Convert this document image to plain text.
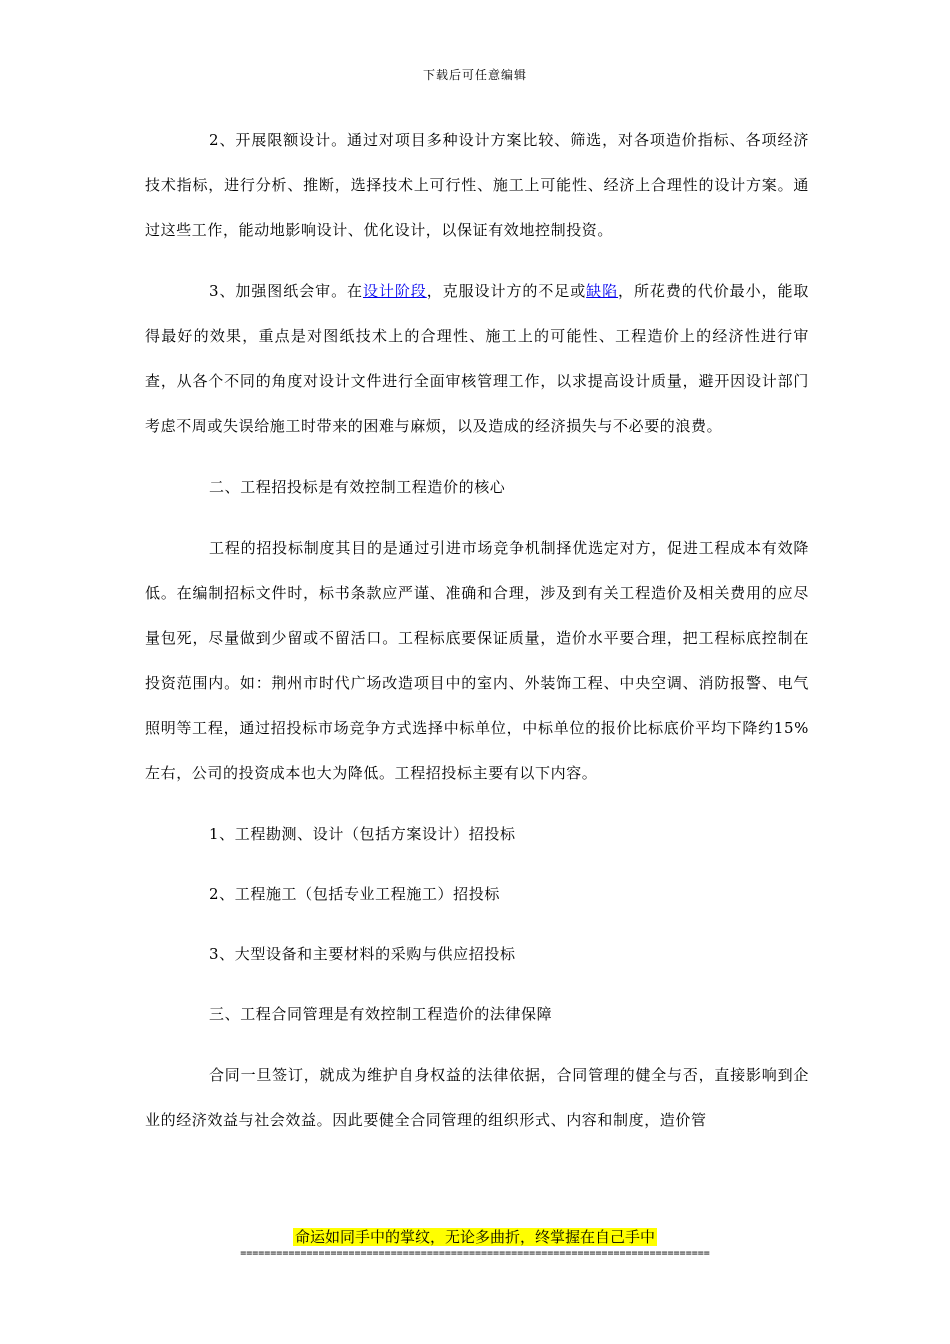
下载后可任意编辑

2、开展限额设计。通过对项目多种设计方案比较、筛选，对各项造价指标、各项经济技术指标，进行分析、推断，选择技术上可行性、施工上可能性、经济上合理性的设计方案。通过这些工作，能动地影响设计、优化设计，以保证有效地控制投资。

3、加强图纸会审。在设计阶段，克服设计方的不足或缺陷，所花费的代价最小，能取得最好的效果，重点是对图纸技术上的合理性、施工上的可能性、工程造价上的经济性进行审查，从各个不同的角度对设计文件进行全面审核管理工作，以求提高设计质量，避开因设计部门考虑不周或失误给施工时带来的困难与麻烦，以及造成的经济损失与不必要的浪费。

二、工程招投标是有效控制工程造价的核心

工程的招投标制度其目的是通过引进市场竞争机制择优选定对方，促进工程成本有效降低。在编制招标文件时，标书条款应严谨、准确和合理，涉及到有关工程造价及相关费用的应尽量包死，尽量做到少留或不留活口。工程标底要保证质量，造价水平要合理，把工程标底控制在投资范围内。如：荆州市时代广场改造项目中的室内、外装饰工程、中央空调、消防报警、电气照明等工程，通过招投标市场竞争方式选择中标单位，中标单位的报价比标底价平均下降约15%左右，公司的投资成本也大为降低。工程招投标主要有以下内容。

1、工程勘测、设计（包括方案设计）招投标

2、工程施工（包括专业工程施工）招投标

3、大型设备和主要材料的采购与供应招投标

三、工程合同管理是有效控制工程造价的法律保障

合同一旦签订，就成为维护自身权益的法律依据，合同管理的健全与否，直接影响到企业的经济效益与社会效益。因此要健全合同管理的组织形式、内容和制度，造价管

命运如同手中的掌纹，无论多曲折，终掌握在自己手中
==============================================================================
